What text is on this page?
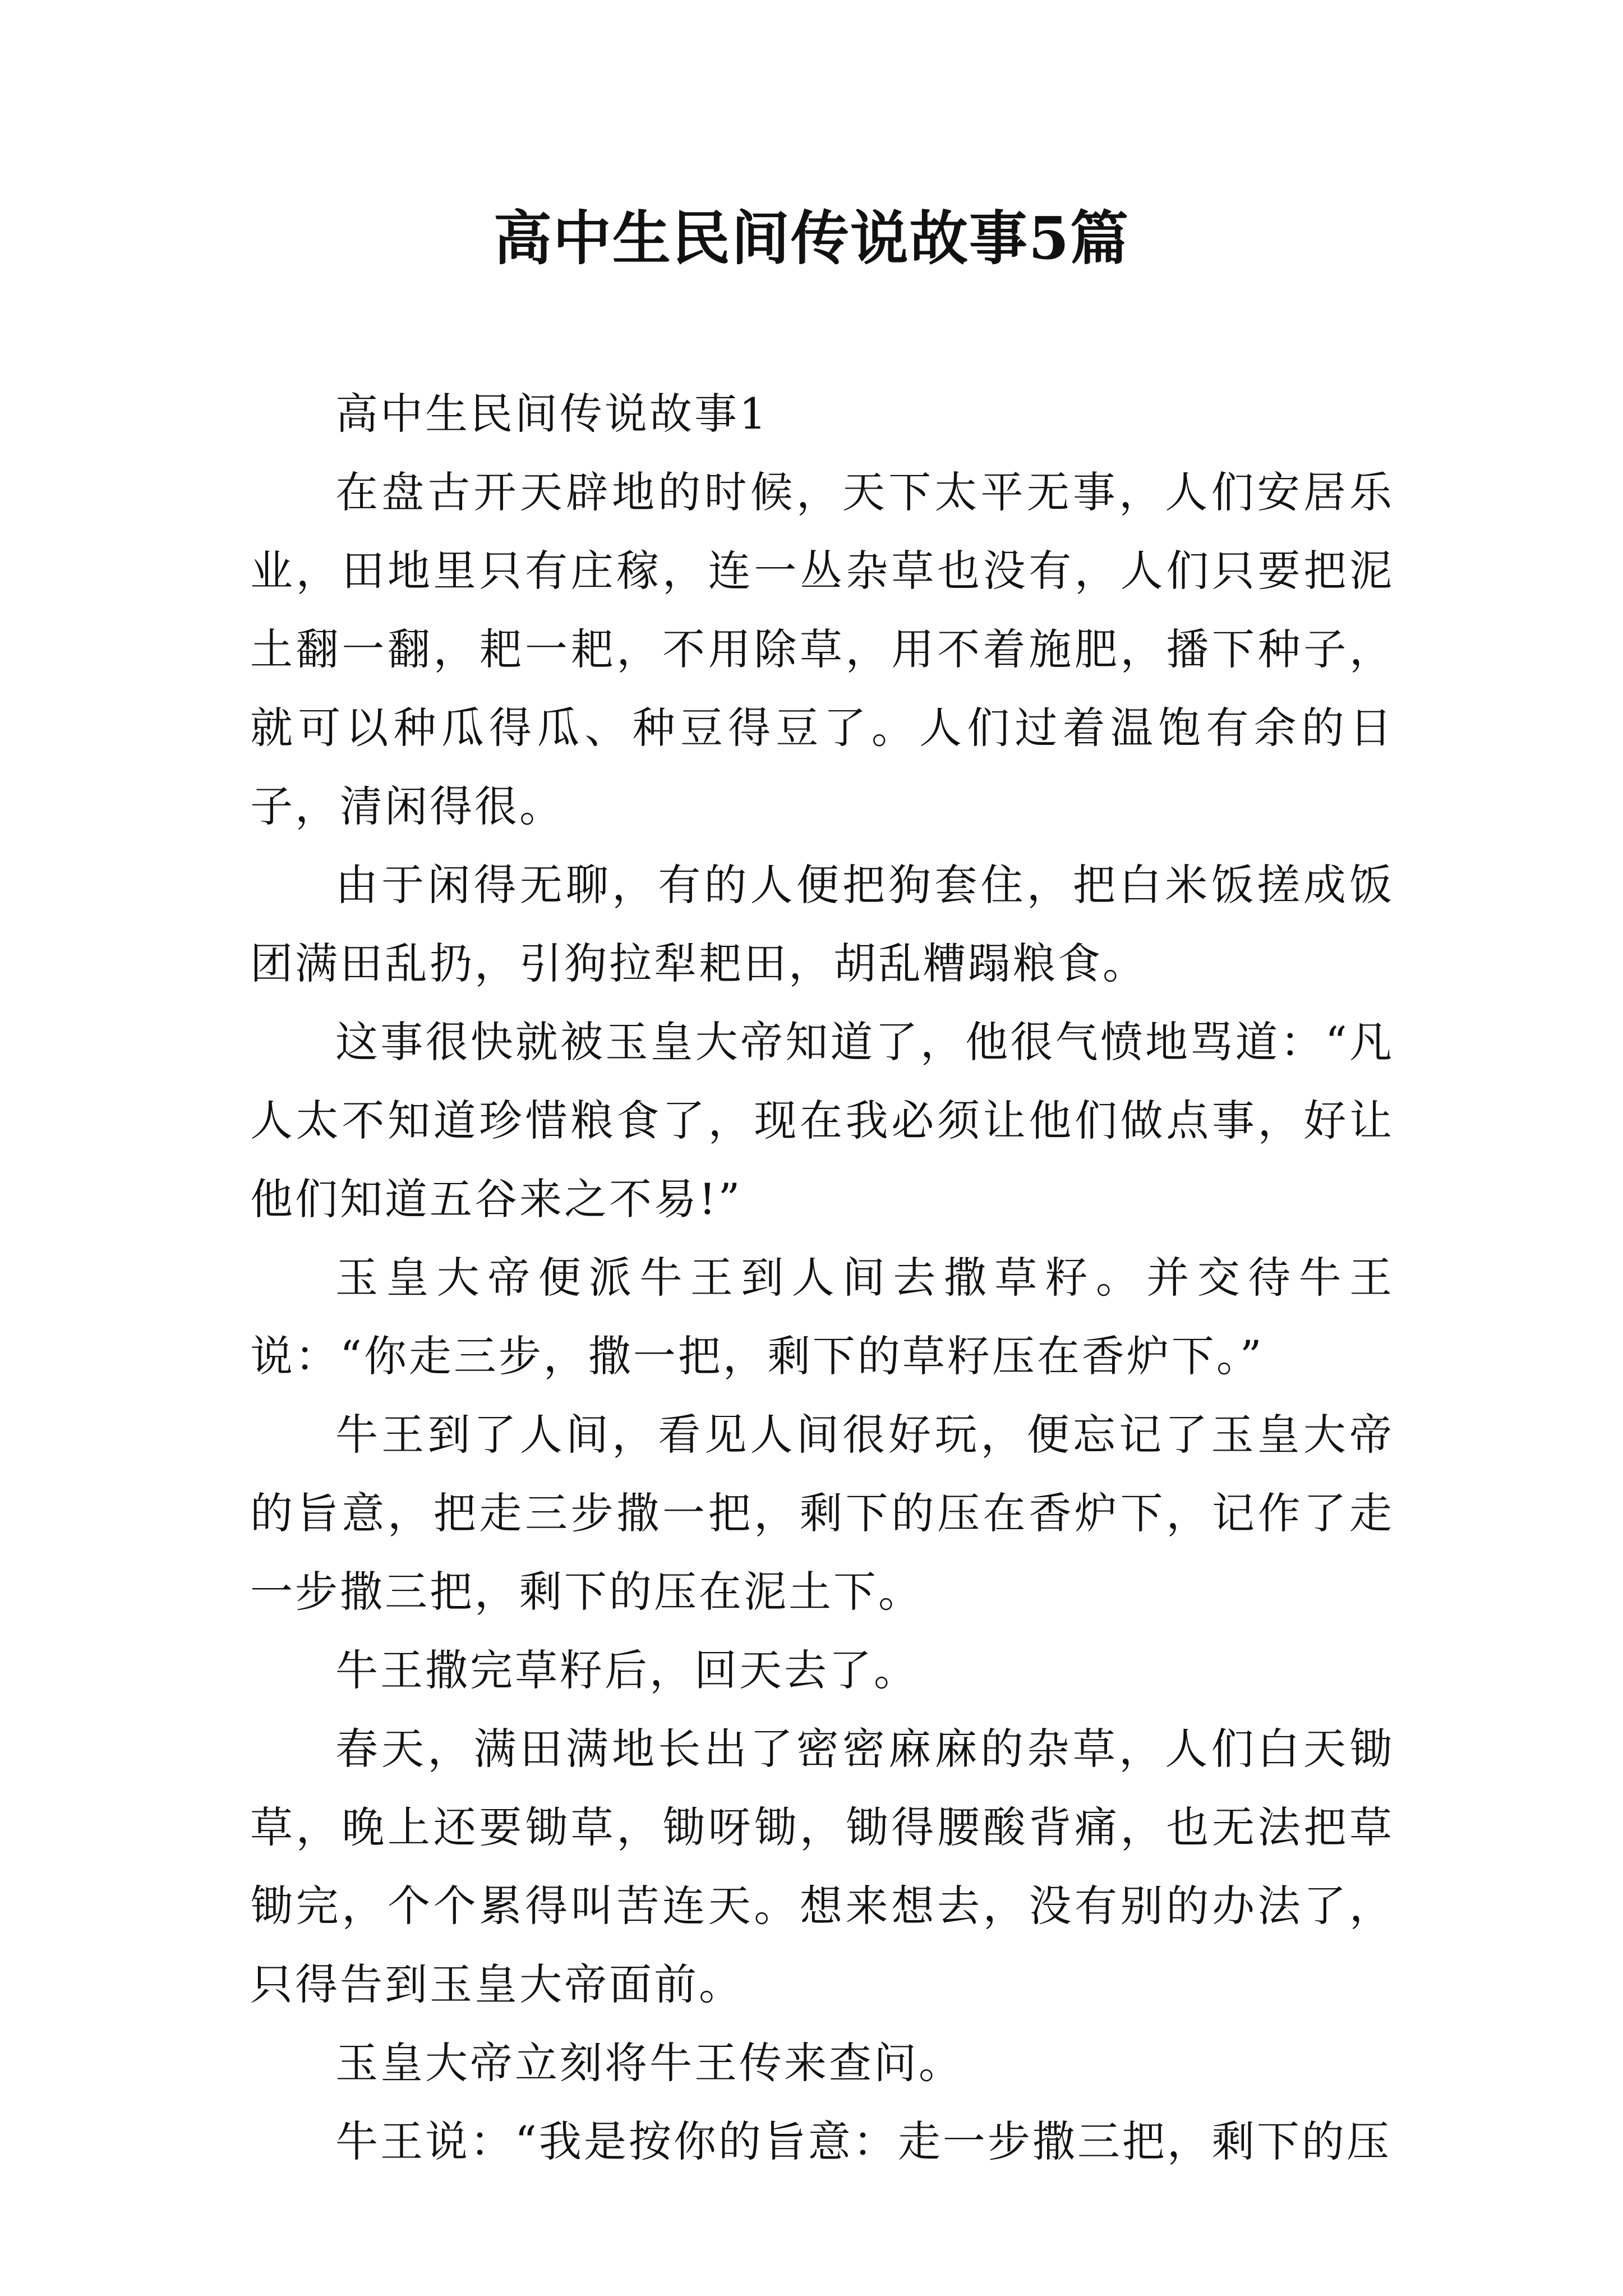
高中生民间传说故事5篇

高中生民间传说故事1

在盘古开天辟地的时候，天下太平无事，人们安居乐业，田地里只有庄稼，连一丛杂草也没有，人们只要把泥土翻一翻，耙一耙，不用除草，用不着施肥，播下种子，就可以种瓜得瓜、种豆得豆了。人们过着温饱有余的日子，清闲得很。

由于闲得无聊，有的人便把狗套住，把白米饭搓成饭团满田乱扔，引狗拉犁耙田，胡乱糟蹋粮食。

这事很快就被玉皇大帝知道了，他很气愤地骂道：“凡人太不知道珍惜粮食了，现在我必须让他们做点事，好让他们知道五谷来之不易!”

玉皇大帝便派牛王到人间去撒草籽。并交待牛王说：“你走三步，撒一把，剩下的草籽压在香炉下。”

牛王到了人间，看见人间很好玩，便忘记了玉皇大帝的旨意，把走三步撒一把，剩下的压在香炉下，记作了走一步撒三把，剩下的压在泥土下。

牛王撒完草籽后，回天去了。

春天，满田满地长出了密密麻麻的杂草，人们白天锄草，晚上还要锄草，锄呀锄，锄得腰酸背痛，也无法把草锄完，个个累得叫苦连天。想来想去，没有别的办法了，只得告到玉皇大帝面前。

玉皇大帝立刻将牛王传来查问。

牛王说：“我是按你的旨意：走一步撒三把，剩下的压
